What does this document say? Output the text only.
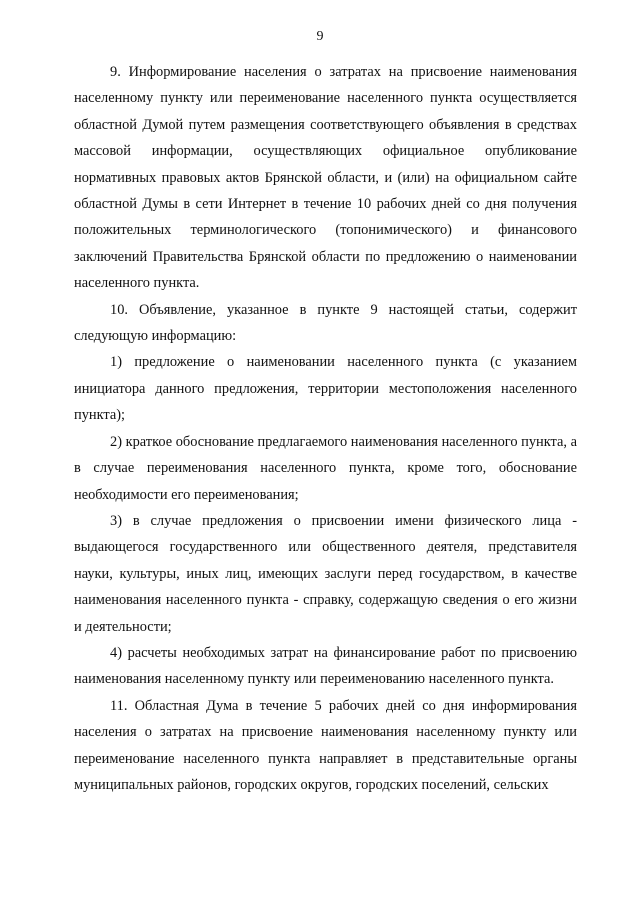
9

9. Информирование населения о затратах на присвоение наименования населенному пункту или переименование населенного пункта осуществляется областной Думой путем размещения соответствующего объявления в средствах массовой информации, осуществляющих официальное опубликование нормативных правовых актов Брянской области, и (или) на официальном сайте областной Думы в сети Интернет в течение 10 рабочих дней со дня получения положительных терминологического (топонимического) и финансового заключений Правительства Брянской области по предложению о наименовании населенного пункта.

10. Объявление, указанное в пункте 9 настоящей статьи, содержит следующую информацию:

1) предложение о наименовании населенного пункта (с указанием инициатора данного предложения, территории местоположения населенного пункта);

2) краткое обоснование предлагаемого наименования населенного пункта, а в случае переименования населенного пункта, кроме того, обоснование необходимости его переименования;

3) в случае предложения о присвоении имени физического лица - выдающегося государственного или общественного деятеля, представителя науки, культуры, иных лиц, имеющих заслуги перед государством, в качестве наименования населенного пункта - справку, содержащую сведения о его жизни и деятельности;

4) расчеты необходимых затрат на финансирование работ по присвоению наименования населенному пункту или переименованию населенного пункта.

11. Областная Дума в течение 5 рабочих дней со дня информирования населения о затратах на присвоение наименования населенному пункту или переименование населенного пункта направляет в представительные органы муниципальных районов, городских округов, городских поселений, сельских
